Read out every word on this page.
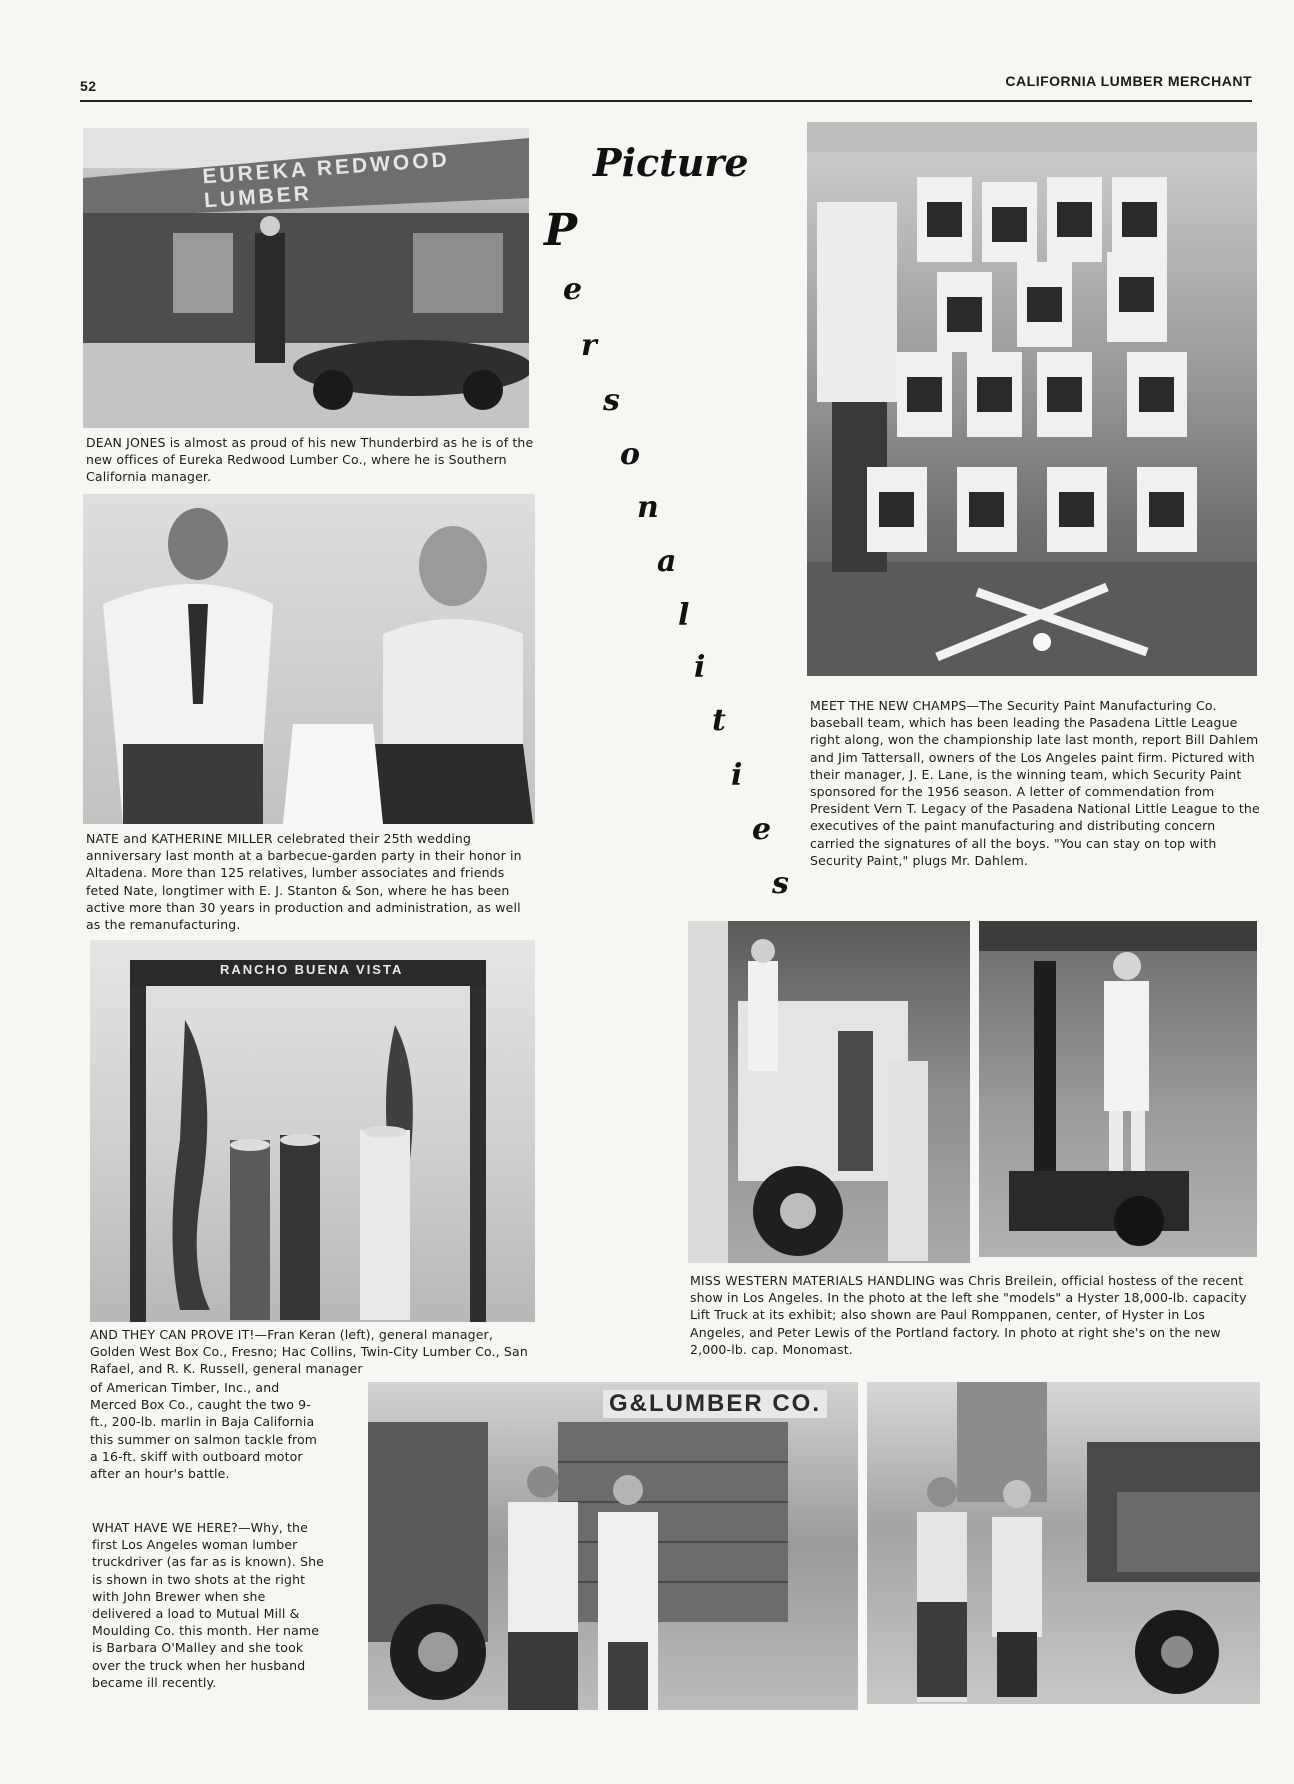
52	CALIFORNIA LUMBER MERCHANT
EUREKA REDWOOD LUMBER
DEAN JONES is almost as proud of his new Thunderbird as he is of the new offices of Eureka Redwood Lumber Co., where he is Southern California manager.
NATE and KATHERINE MILLER celebrated their 25th wedding anniversary last month at a barbecue-garden party in their honor in Altadena. More than 125 relatives, lumber associates and friends feted Nate, longtimer with E. J. Stanton & Son, where he has been active more than 30 years in production and administration, as well as the remanufacturing.
RANCHO BUENA VISTA
AND THEY CAN PROVE IT!—Fran Keran (left), general manager, Golden West Box Co., Fresno; Hac Collins, Twin-City Lumber Co., San Rafael, and R. K. Russell, general manager
of American Timber, Inc., and Merced Box Co., caught the two 9-ft., 200-lb. marlin in Baja California this summer on salmon tackle from a 16-ft. skiff with outboard motor after an hour's battle.
Picture
P
e
r
s
o
n
a
l
i
t
i
e
s
MEET THE NEW CHAMPS—The Security Paint Manufacturing Co. baseball team, which has been leading the Pasadena Little League right along, won the championship late last month, report Bill Dahlem and Jim Tattersall, owners of the Los Angeles paint firm. Pictured with their manager, J. E. Lane, is the winning team, which Security Paint sponsored for the 1956 season. A letter of commendation from President Vern T. Legacy of the Pasadena National Little League to the executives of the paint manufacturing and distributing concern carried the signatures of all the boys. "You can stay on top with Security Paint," plugs Mr. Dahlem.
MISS WESTERN MATERIALS HANDLING was Chris Breilein, official hostess of the recent show in Los Angeles. In the photo at the left she "models" a Hyster 18,000-lb. capacity Lift Truck at its exhibit; also shown are Paul Romppanen, center, of Hyster in Los Angeles, and Peter Lewis of the Portland factory. In photo at right she's on the new 2,000-lb. cap. Monomast.
G&LUMBER CO.
WHAT HAVE WE HERE?—Why, the first Los Angeles woman lumber truckdriver (as far as is known). She is shown in two shots at the right with John Brewer when she delivered a load to Mutual Mill & Moulding Co. this month. Her name is Barbara O'Malley and she took over the truck when her husband became ill recently.
